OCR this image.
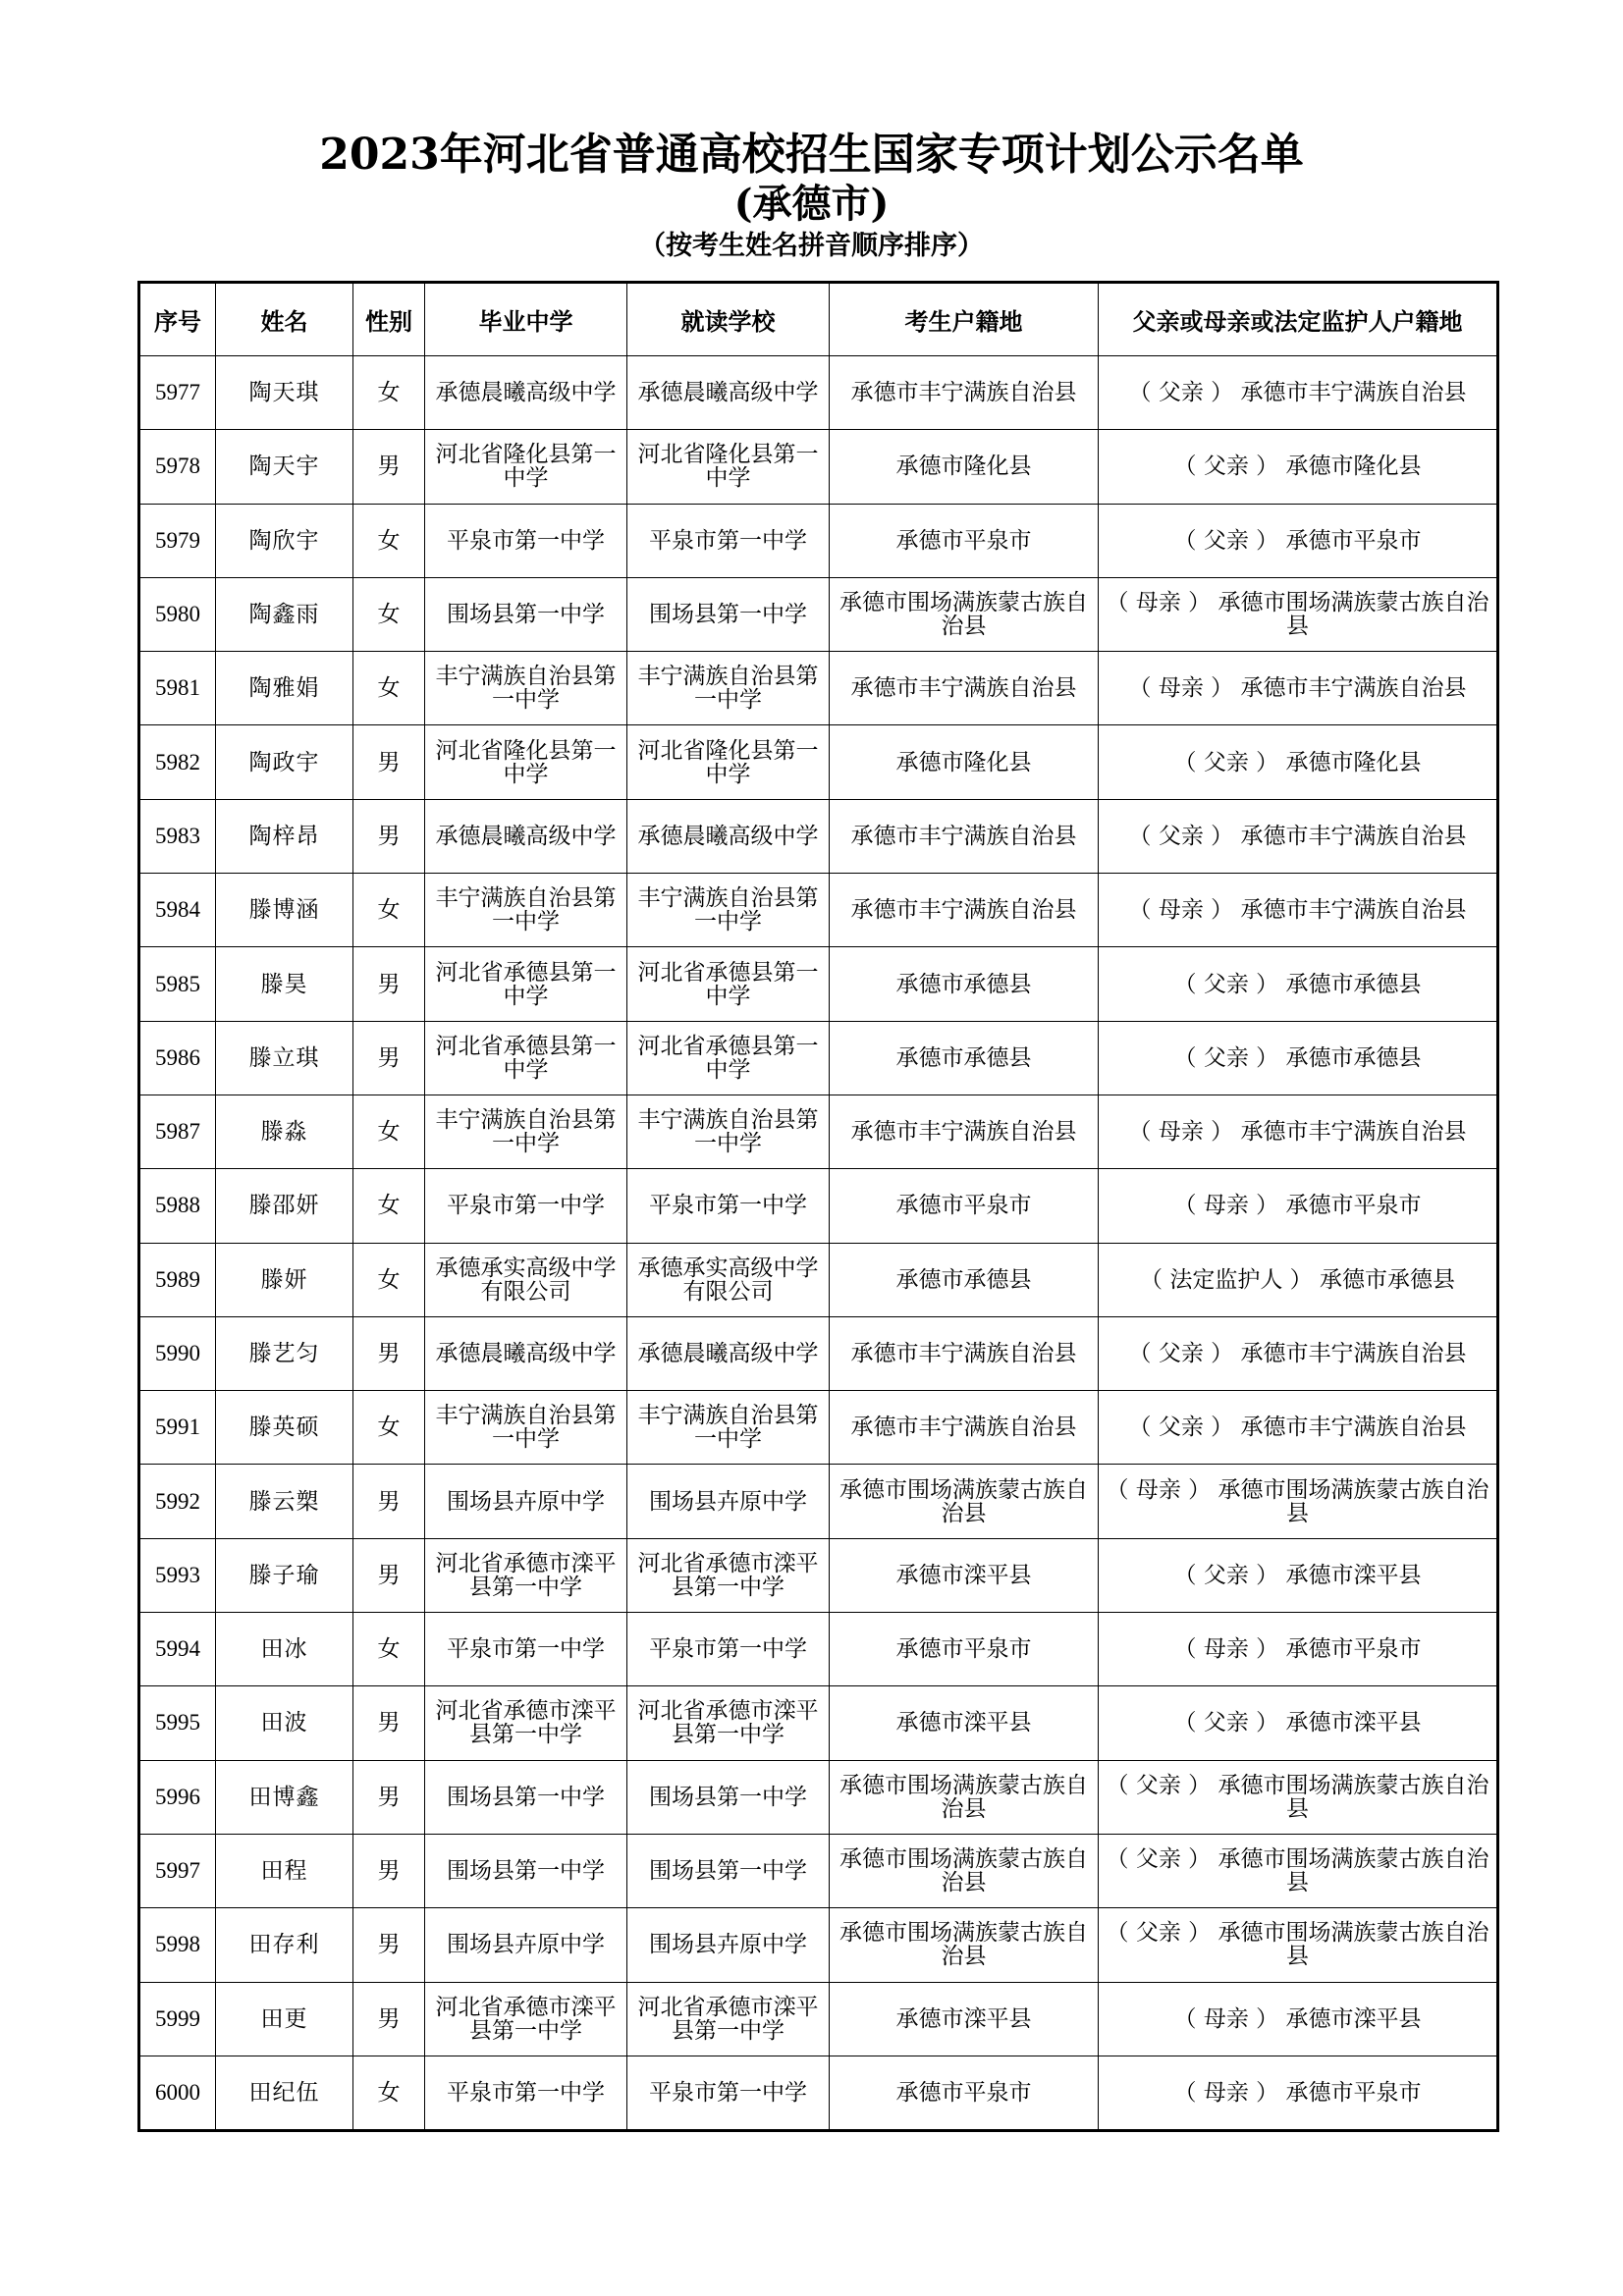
2023年河北省普通高校招生国家专项计划公示名单
(承德市)
（按考生姓名拼音顺序排序）
序号	姓名	性别	毕业中学	就读学校	考生户籍地	父亲或母亲或法定监护人户籍地
5977	陶天琪	女	承德晨曦高级中学	承德晨曦高级中学	承德市丰宁满族自治县	（ 父亲 ） 承德市丰宁满族自治县
5978	陶天宇	男	河北省隆化县第一中学	河北省隆化县第一中学	承德市隆化县	（ 父亲 ） 承德市隆化县
5979	陶欣宇	女	平泉市第一中学	平泉市第一中学	承德市平泉市	（ 父亲 ） 承德市平泉市
5980	陶鑫雨	女	围场县第一中学	围场县第一中学	承德市围场满族蒙古族自治县	（ 母亲 ） 承德市围场满族蒙古族自治县
5981	陶雅娟	女	丰宁满族自治县第一中学	丰宁满族自治县第一中学	承德市丰宁满族自治县	（ 母亲 ） 承德市丰宁满族自治县
5982	陶政宇	男	河北省隆化县第一中学	河北省隆化县第一中学	承德市隆化县	（ 父亲 ） 承德市隆化县
5983	陶梓昂	男	承德晨曦高级中学	承德晨曦高级中学	承德市丰宁满族自治县	（ 父亲 ） 承德市丰宁满族自治县
5984	滕博涵	女	丰宁满族自治县第一中学	丰宁满族自治县第一中学	承德市丰宁满族自治县	（ 母亲 ） 承德市丰宁满族自治县
5985	滕昊	男	河北省承德县第一中学	河北省承德县第一中学	承德市承德县	（ 父亲 ） 承德市承德县
5986	滕立琪	男	河北省承德县第一中学	河北省承德县第一中学	承德市承德县	（ 父亲 ） 承德市承德县
5987	滕淼	女	丰宁满族自治县第一中学	丰宁满族自治县第一中学	承德市丰宁满族自治县	（ 母亲 ） 承德市丰宁满族自治县
5988	滕邵妍	女	平泉市第一中学	平泉市第一中学	承德市平泉市	（ 母亲 ） 承德市平泉市
5989	滕妍	女	承德承实高级中学有限公司	承德承实高级中学有限公司	承德市承德县	（ 法定监护人 ） 承德市承德县
5990	滕艺匀	男	承德晨曦高级中学	承德晨曦高级中学	承德市丰宁满族自治县	（ 父亲 ） 承德市丰宁满族自治县
5991	滕英硕	女	丰宁满族自治县第一中学	丰宁满族自治县第一中学	承德市丰宁满族自治县	（ 父亲 ） 承德市丰宁满族自治县
5992	滕云槊	男	围场县卉原中学	围场县卉原中学	承德市围场满族蒙古族自治县	（ 母亲 ） 承德市围场满族蒙古族自治县
5993	滕子瑜	男	河北省承德市滦平县第一中学	河北省承德市滦平县第一中学	承德市滦平县	（ 父亲 ） 承德市滦平县
5994	田冰	女	平泉市第一中学	平泉市第一中学	承德市平泉市	（ 母亲 ） 承德市平泉市
5995	田波	男	河北省承德市滦平县第一中学	河北省承德市滦平县第一中学	承德市滦平县	（ 父亲 ） 承德市滦平县
5996	田博鑫	男	围场县第一中学	围场县第一中学	承德市围场满族蒙古族自治县	（ 父亲 ） 承德市围场满族蒙古族自治县
5997	田程	男	围场县第一中学	围场县第一中学	承德市围场满族蒙古族自治县	（ 父亲 ） 承德市围场满族蒙古族自治县
5998	田存利	男	围场县卉原中学	围场县卉原中学	承德市围场满族蒙古族自治县	（ 父亲 ） 承德市围场满族蒙古族自治县
5999	田更	男	河北省承德市滦平县第一中学	河北省承德市滦平县第一中学	承德市滦平县	（ 母亲 ） 承德市滦平县
6000	田纪伍	女	平泉市第一中学	平泉市第一中学	承德市平泉市	（ 母亲 ） 承德市平泉市
